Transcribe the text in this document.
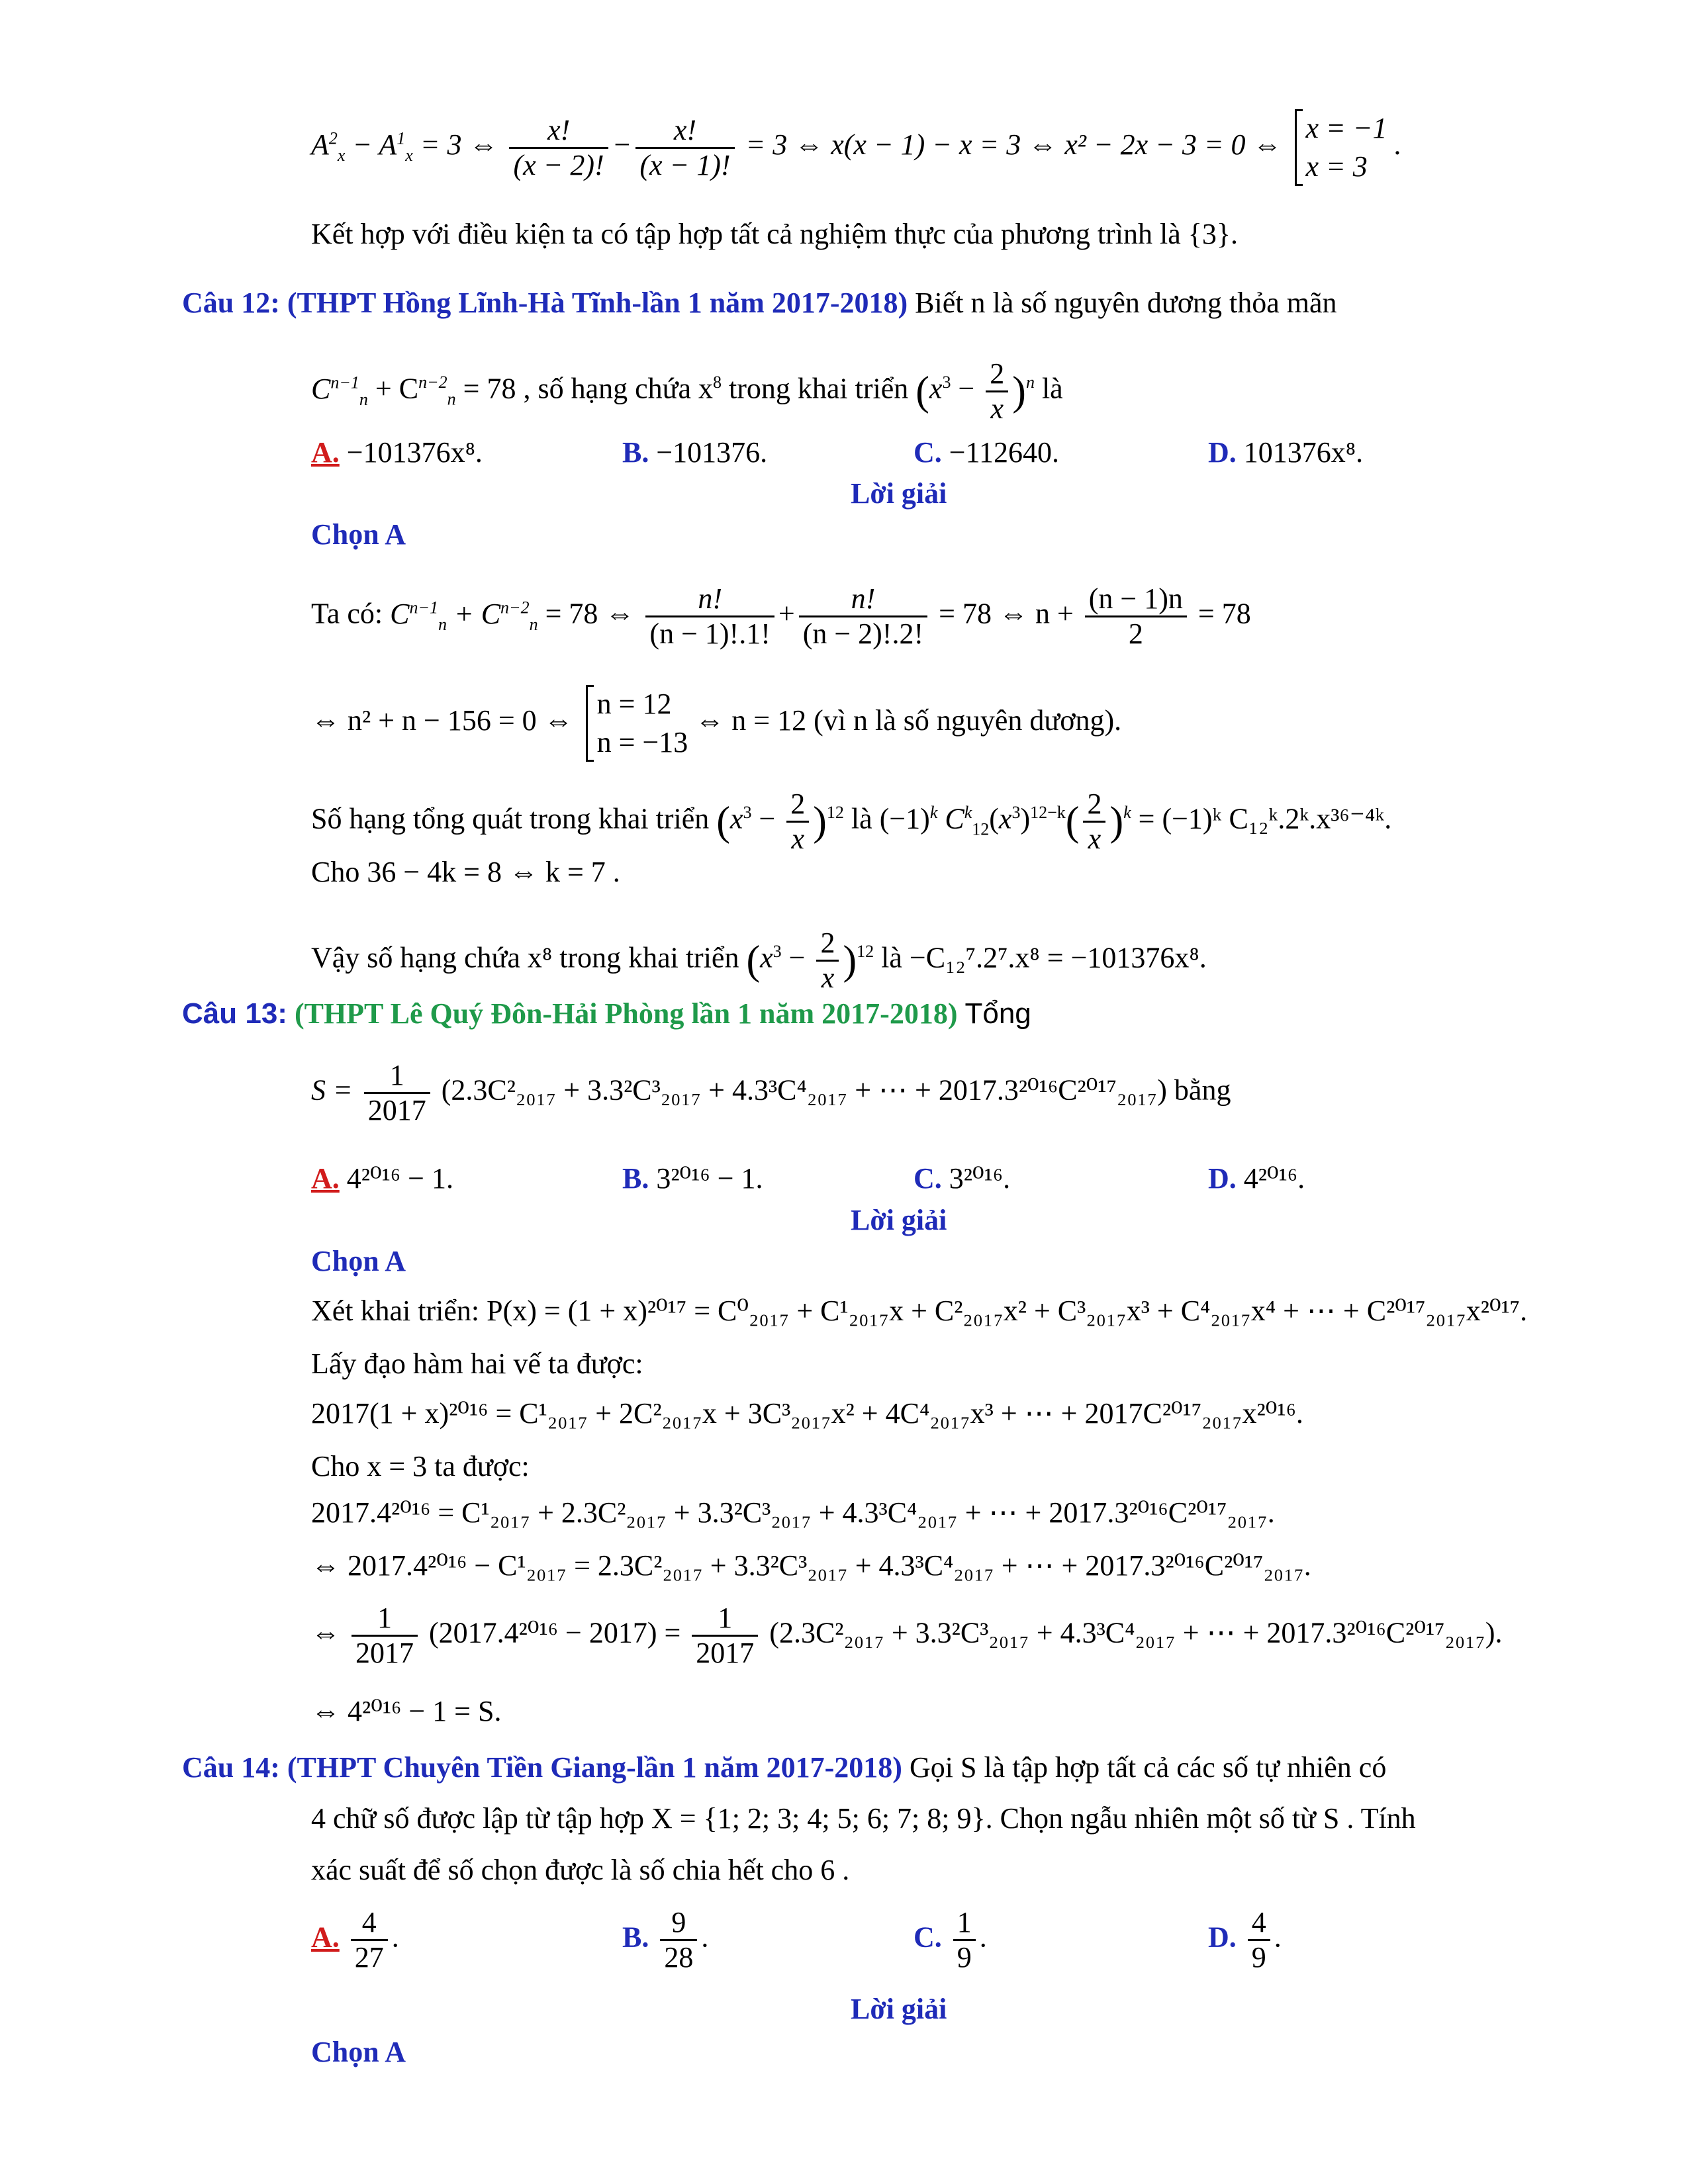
$A^2_x - A^1_x = 3$ ⇔ $\frac{x!}{(x - 2)!} - \frac{x!}{(x - 1)!} = 3$ ⇔ x(x − 1) − x = 3 ⇔ x² − 2x − 3 = 0 ⇔
x = −1
x = 3
.
Kết hợp với điều kiện ta có tập hợp tất cả nghiệm thực của phương trình là {3}.
Câu 12: (THPT Hồng Lĩnh-Hà Tĩnh-lần 1 năm 2017-2018) Biết n là số nguyên dương thỏa mãn
$C^{n-1}_n + C^{n-2}_n = 78$ , số hạng chứa $x^8$ trong khai triển $(x^3 - \frac{2}{x} )^n$ là
A. −101376x⁸.	B. −101376.	C. −112640.	D. 101376x⁸.
Lời giải
Chọn A
Ta có: $C^{n-1}_n + C^{n-2}_n = 78$ ⇔ $\frac{n!}{(n - 1)!.1!} + \frac{n!}{(n - 2)!.2!} = 78$ ⇔ $n + \frac{(n - 1)n}{2} = 78$
⇔ n² + n − 156 = 0 ⇔
n = 12
n = −13
⇔ n = 12 (vì n là số nguyên dương).
Số hạng tổng quát trong khai triển $(x^3 - \frac{2}{x} )^{12}$ là $(-1)^k$ $C^k_{12}(x^3)^{12-k}( \frac{2}{x} )^k$ = (−1)ᵏ C₁₂ᵏ.2ᵏ.x³⁶⁻⁴ᵏ.
Cho 36 − 4k = 8 ⇔ k = 7 .
Vậy số hạng chứa x⁸ trong khai triển $(x^3 - \frac{2}{x} )^{12}$ là −C₁₂⁷.2⁷.x⁸ = −101376x⁸.
Câu 13: (THPT Lê Quý Đôn-Hải Phòng lần 1 năm 2017-2018) Tổng
$S = \frac{1}{2017} (2.3C^2_{2017} + 3.3^2C^3_{2017} + 4.3^3C^4_{2017}$ + ⋯ + 2017.3²⁰¹⁶C²⁰¹⁷₂₀₁₇) bằng
A. 4²⁰¹⁶ − 1.	B. 3²⁰¹⁶ − 1.	C. 3²⁰¹⁶.	D. 4²⁰¹⁶.
Lời giải
Chọn A
Xét khai triển: P(x) = (1 + x)²⁰¹⁷ = C⁰₂₀₁₇ + C¹₂₀₁₇x + C²₂₀₁₇x² + C³₂₀₁₇x³ + C⁴₂₀₁₇x⁴ + ⋯ + C²⁰¹⁷₂₀₁₇x²⁰¹⁷.
Lấy đạo hàm hai vế ta được:
2017(1 + x)²⁰¹⁶ = C¹₂₀₁₇ + 2C²₂₀₁₇x + 3C³₂₀₁₇x² + 4C⁴₂₀₁₇x³ + ⋯ + 2017C²⁰¹⁷₂₀₁₇x²⁰¹⁶.
Cho x = 3 ta được:
2017.4²⁰¹⁶ = C¹₂₀₁₇ + 2.3C²₂₀₁₇ + 3.3²C³₂₀₁₇ + 4.3³C⁴₂₀₁₇ + ⋯ + 2017.3²⁰¹⁶C²⁰¹⁷₂₀₁₇.
⇔ 2017.4²⁰¹⁶ − C¹₂₀₁₇ = 2.3C²₂₀₁₇ + 3.3²C³₂₀₁₇ + 4.3³C⁴₂₀₁₇ + ⋯ + 2017.3²⁰¹⁶C²⁰¹⁷₂₀₁₇.
⇔ $\frac{1}{2017} (2017.4^{2016} - 2017) = \frac{1}{2017} (2.3C^2_{2017} + 3.3^2C^3_{2017} + 4.3^3C^4_{2017}$ + ⋯ + 2017.3²⁰¹⁶C²⁰¹⁷₂₀₁₇).
⇔ 4²⁰¹⁶ − 1 = S.
Câu 14: (THPT Chuyên Tiền Giang-lần 1 năm 2017-2018) Gọi S là tập hợp tất cả các số tự nhiên có
4 chữ số được lập từ tập hợp X = {1; 2; 3; 4; 5; 6; 7; 8; 9}. Chọn ngẫu nhiên một số từ S . Tính
xác suất để số chọn được là số chia hết cho 6 .
A. $\frac{4}{27}$ .	B. $\frac{9}{28}$ .	C. $\frac{1}{9}$ .	D. $\frac{4}{9}$ .
Lời giải
Chọn A
